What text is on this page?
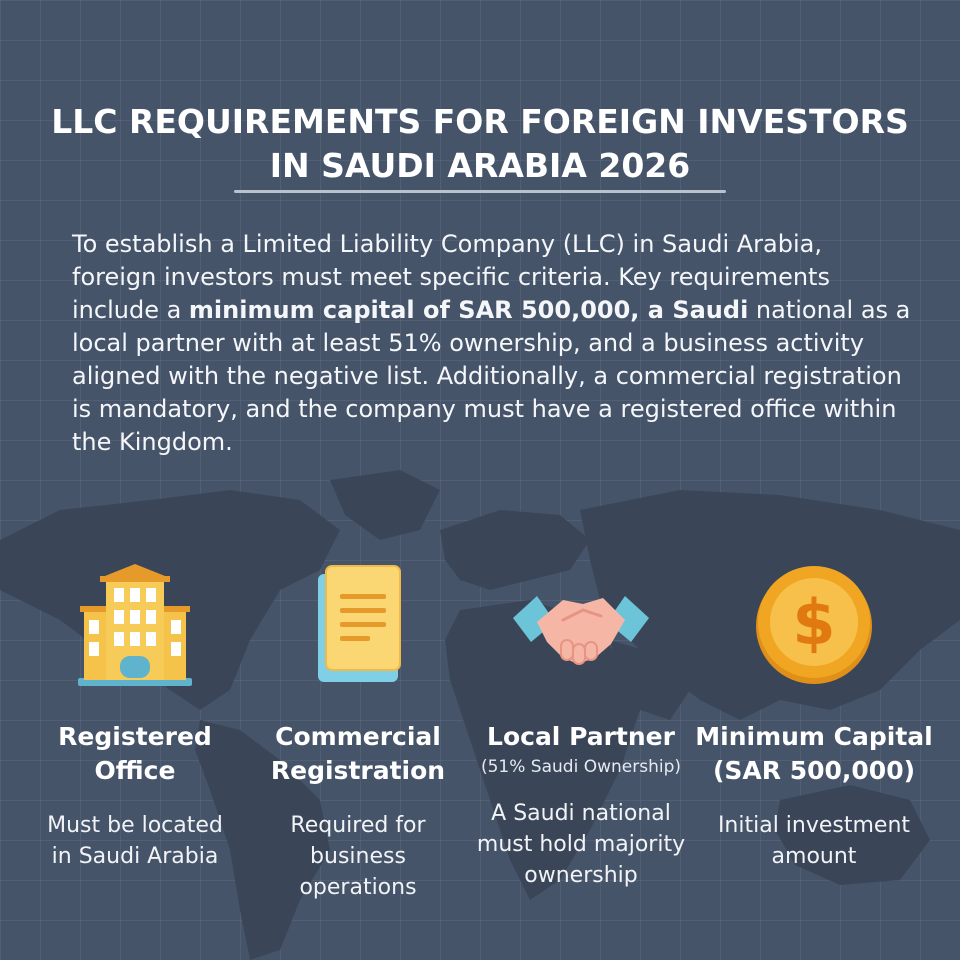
LLC REQUIREMENTS FOR FOREIGN INVESTORS
IN SAUDI ARABIA 2026

To establish a Limited Liability Company (LLC) in Saudi Arabia, foreign investors must meet specific criteria. Key requirements include a minimum capital of SAR 500,000, a Saudi national as a local partner with at least 51% ownership, and a business activity aligned with the negative list. Additionally, a commercial registration is mandatory, and the company must have a registered office within the Kingdom.

Registered
Office
Must be located
in Saudi Arabia
Commercial
Registration
Required for
business
operations
Local Partner
(51% Saudi Ownership)
A Saudi national
must hold majority
ownership
$
Minimum Capital
(SAR 500,000)
Initial investment
amount
